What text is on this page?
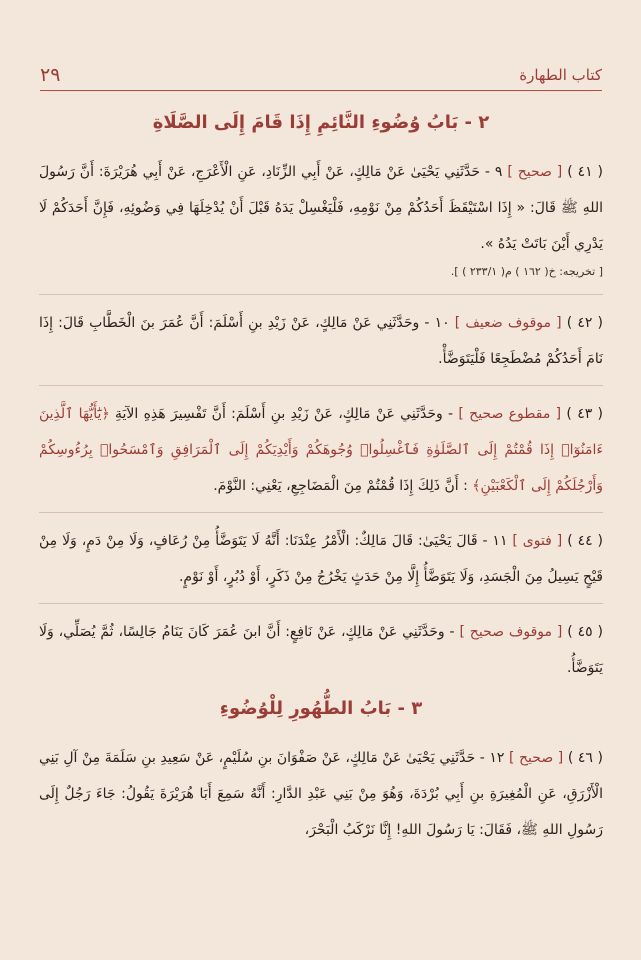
كتاب الطهارة
٢٩
٢ - بَابُ وُضُوءِ النَّائِمِ إِذَا قَامَ إِلَى الصَّلَاةِ

( ٤١ ) [ صحيح ] ٩ - حَدَّثَنِي يَحْيَىٰ عَنْ مَالِكٍ، عَنْ أَبِي الزِّنَادِ، عَنِ الْأَعْرَجِ، عَنْ أَبِي هُرَيْرَةَ: أَنَّ رَسُولَ اللهِ ﷺ قَالَ: « إِذَا اسْتَيْقَظَ أَحَدُكُمْ مِنْ نَوْمِهِ، فَلْيَغْسِلْ يَدَهُ قَبْلَ أَنْ يُدْخِلَهَا فِي وَضُوئِهِ، فَإِنَّ أَحَدَكُمْ لَا يَدْرِي أَيْنَ بَاتَتْ يَدُهُ ».

[ تخريجه: خ( ١٦٢ ) م( ٢٣٣/١ ) ].

( ٤٢ ) [ موقوف ضعيف ] ١٠ - وحَدَّثَنِي عَنْ مَالِكٍ، عَنْ زَيْدِ بنِ أَسْلَمَ: أَنَّ عُمَرَ بنَ الْخَطَّابِ قَالَ: إِذَا نَامَ أَحَدُكُمْ مُضْطَجِعًا فَلْيَتَوَضَّأْ.

( ٤٣ ) [ مقطوع صحيح ] - وحَدَّثَنِي عَنْ مَالِكٍ، عَنْ زَيْدِ بنِ أَسْلَمَ: أَنَّ تَفْسِيرَ هَذِهِ الآيَةِ ﴿يَٰٓأَيُّهَا ٱلَّذِينَ ءَامَنُوٓا۟ إِذَا قُمْتُمْ إِلَى ٱلصَّلَوٰةِ فَٱغْسِلُوا۟ وُجُوهَكُمْ وَأَيْدِيَكُمْ إِلَى ٱلْمَرَافِقِ وَٱمْسَحُوا۟ بِرُءُوسِكُمْ وَأَرْجُلَكُمْ إِلَى ٱلْكَعْبَيْنِ﴾ : أَنَّ ذَلِكَ إِذَا قُمْتُمْ مِنَ الْمَضَاجِعِ، يَعْنِي: النَّوْمَ.

( ٤٤ ) [ فتوى ] ١١ - قَالَ يَحْيَىٰ: قَالَ مَالِكٌ: الْأَمْرُ عِنْدَنَا: أَنَّهُ لَا يَتَوَضَّأُ مِنْ رُعَافٍ، وَلَا مِنْ دَمٍ، وَلَا مِنْ قَيْحٍ يَسِيلُ مِنَ الْجَسَدِ، وَلَا يَتَوَضَّأُ إِلَّا مِنْ حَدَثٍ يَخْرُجُ مِنْ ذَكَرٍ، أَوْ دُبُرٍ، أَوْ نَوْمٍ.

( ٤٥ ) [ موقوف صحيح ] - وحَدَّثَنِي عَنْ مَالِكٍ، عَنْ نَافِعٍ: أَنَّ ابنَ عُمَرَ كَانَ يَنَامُ جَالِسًا، ثُمَّ يُصَلِّي، وَلَا يَتَوَضَّأُ.

٣ - بَابُ الطُّهُورِ لِلْوُضُوءِ

( ٤٦ ) [ صحيح ] ١٢ - حَدَّثَنِي يَحْيَىٰ عَنْ مَالِكٍ، عَنْ صَفْوَانَ بنِ سُلَيْمٍ، عَنْ سَعِيدِ بنِ سَلَمَةَ مِنْ آلِ بَنِي الْأَزْرَقِ، عَنِ الْمُغِيرَةِ بنِ أَبِي بُرْدَةَ، وَهُوَ مِنْ بَنِي عَبْدِ الدَّارِ: أَنَّهُ سَمِعَ أَبَا هُرَيْرَةَ يَقُولُ: جَاءَ رَجُلٌ إِلَى رَسُولِ اللهِ ﷺ، فَقَالَ: يَا رَسُولَ اللهِ! إِنَّا نَرْكَبُ الْبَحْرَ،
